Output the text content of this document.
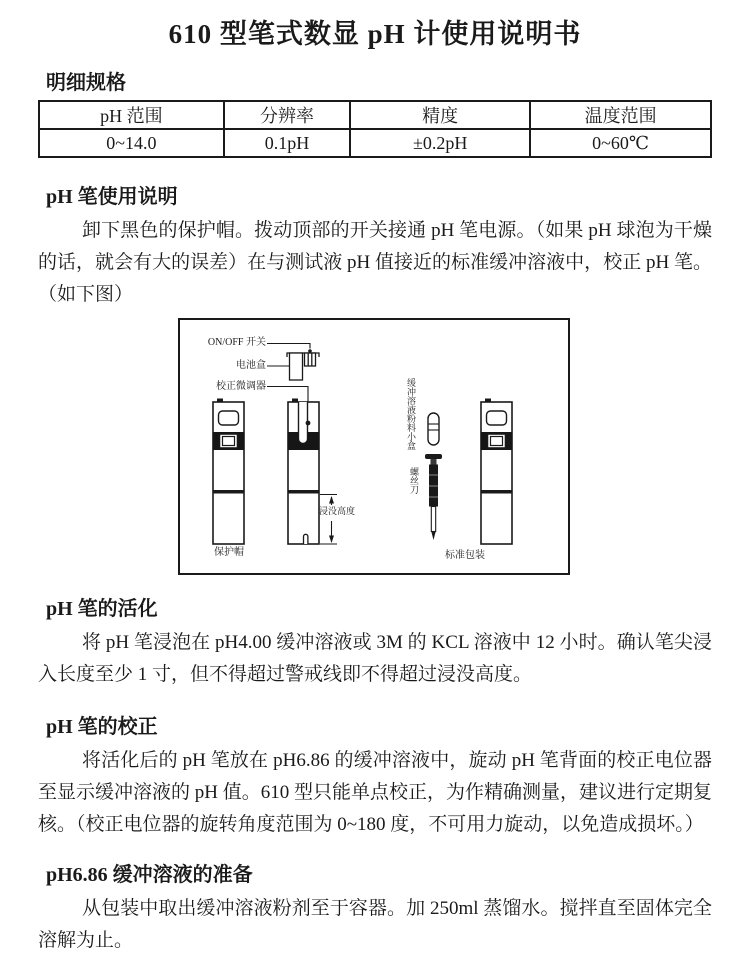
610 型笔式数显 pH 计使用说明书
明细规格
pH 范围	分辨率	精度	温度范围
0~14.0	0.1pH	±0.2pH	0~60℃
pH 笔使用说明

卸下黑色的保护帽。拨动顶部的开关接通 pH 笔电源。（如果 pH 球泡为干燥的话，就会有大的误差）在与测试液 pH 值接近的标准缓冲溶液中，校正 pH 笔。（如下图）

ON/OFF 开关
电池盒
校正微调器	缓冲溶液粉料小盒
螺丝刀
浸没高度
保护帽	标准包装
pH 笔的活化

将 pH 笔浸泡在 pH4.00 缓冲溶液或 3M 的 KCL 溶液中 12 小时。确认笔尖浸入长度至少 1 寸，但不得超过警戒线即不得超过浸没高度。

pH 笔的校正

将活化后的 pH 笔放在 pH6.86 的缓冲溶液中，旋动 pH 笔背面的校正电位器至显示缓冲溶液的 pH 值。610 型只能单点校正，为作精确测量，建议进行定期复核。（校正电位器的旋转角度范围为 0~180 度，不可用力旋动，以免造成损坏。）

pH6.86 缓冲溶液的准备

从包装中取出缓冲溶液粉剂至于容器。加 250ml 蒸馏水。搅拌直至固体完全溶解为止。
